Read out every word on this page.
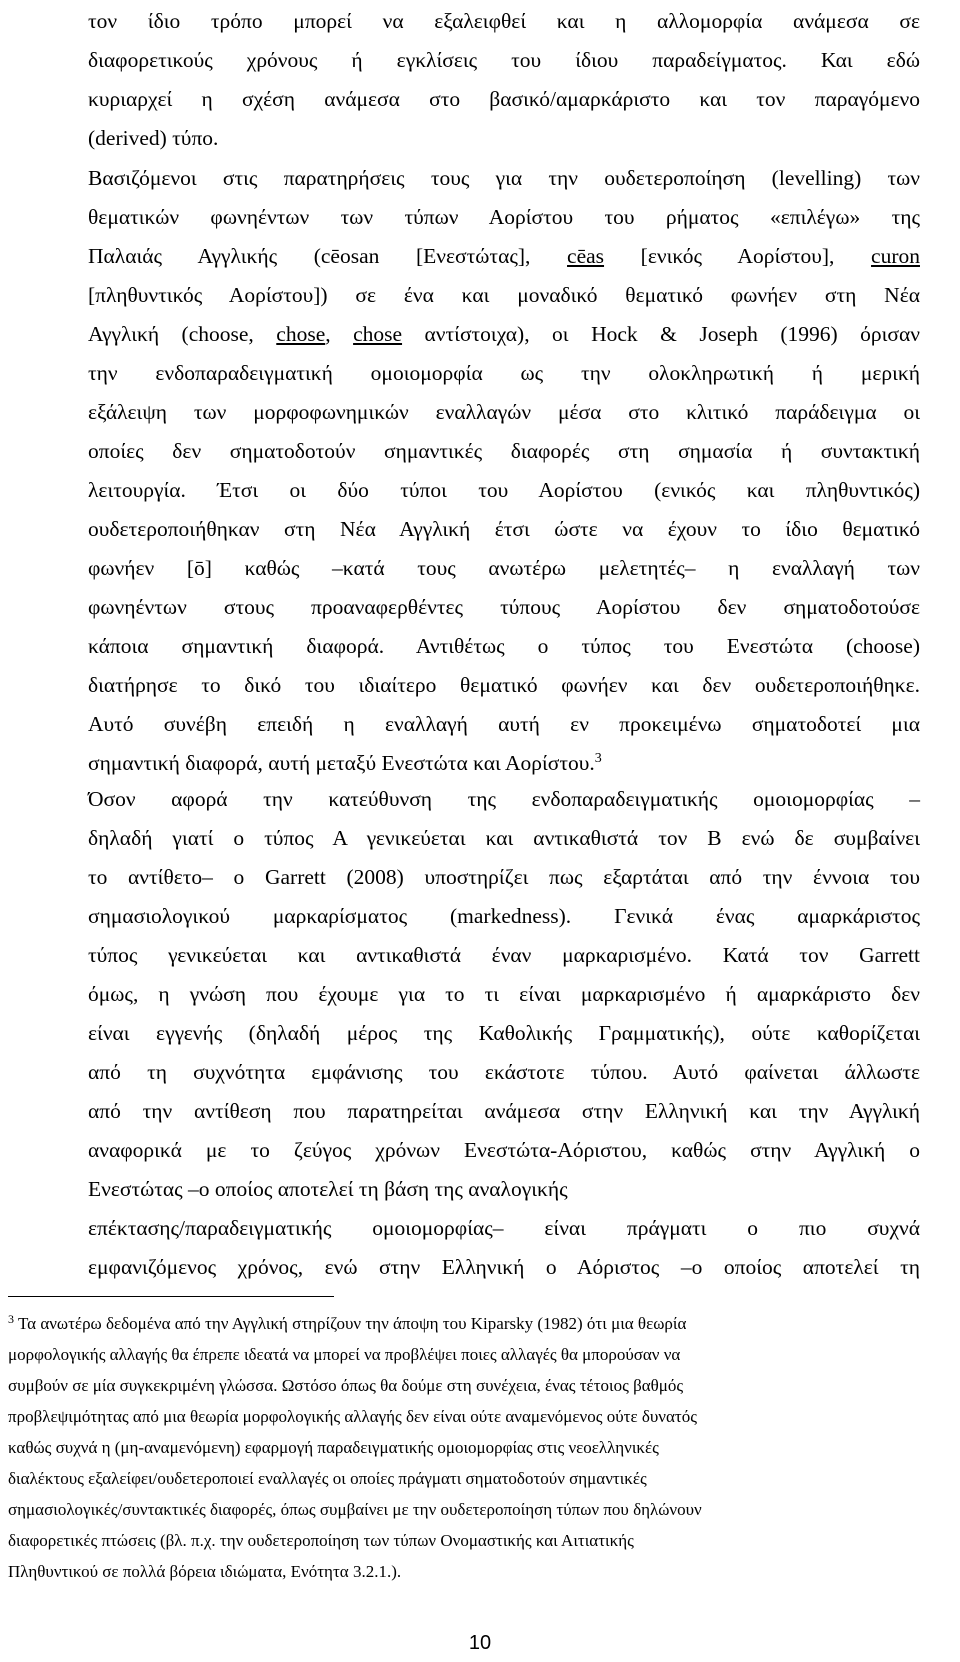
τον ίδιο τρόπο μπορεί να εξαλειφθεί και η αλλομορφία ανάμεσα σε
διαφορετικούς χρόνους ή εγκλίσεις του ίδιου παραδείγματος. Και εδώ
κυριαρχεί η σχέση ανάμεσα στο βασικό/αμαρκάριστο και τον παραγόμενο
(derived) τύπο.
Βασιζόμενοι στις παρατηρήσεις τους για την ουδετεροποίηση (levelling) των
θεματικών φωνηέντων των τύπων Αορίστου του ρήματος «επιλέγω» της
Παλαιάς Αγγλικής (cēosan [Ενεστώτας], cēas [ενικός Αορίστου], curon
[πληθυντικός Αορίστου]) σε ένα και μοναδικό θεματικό φωνήεν στη Νέα
Αγγλική (choose, chose, chose αντίστοιχα), οι Hock & Joseph (1996) όρισαν
την ενδοπαραδειγματική ομοιομορφία ως την ολοκληρωτική ή μερική
εξάλειψη των μορφοφωνημικών εναλλαγών μέσα στο κλιτικό παράδειγμα οι
οποίες δεν σηματοδοτούν σημαντικές διαφορές στη σημασία ή συντακτική
λειτουργία. Έτσι οι δύο τύποι του Αορίστου (ενικός και πληθυντικός)
ουδετεροποιήθηκαν στη Νέα Αγγλική έτσι ώστε να έχουν το ίδιο θεματικό
φωνήεν [ō] καθώς –κατά τους ανωτέρω μελετητές– η εναλλαγή των
φωνηέντων στους προαναφερθέντες τύπους Αορίστου δεν σηματοδοτούσε
κάποια σημαντική διαφορά. Αντιθέτως ο τύπος του Ενεστώτα (choose)
διατήρησε το δικό του ιδιαίτερο θεματικό φωνήεν και δεν ουδετεροποιήθηκε.
Αυτό συνέβη επειδή η εναλλαγή αυτή εν προκειμένω σηματοδοτεί μια
σημαντική διαφορά, αυτή μεταξύ Ενεστώτα και Αορίστου.$^3$
Όσον αφορά την κατεύθυνση της ενδοπαραδειγματικής ομοιομορφίας –
δηλαδή γιατί ο τύπος Α γενικεύεται και αντικαθιστά τον Β ενώ δε συμβαίνει
το αντίθετο– ο Garrett (2008) υποστηρίζει πως εξαρτάται από την έννοια του
σημασιολογικού μαρκαρίσματος (markedness). Γενικά ένας αμαρκάριστος
τύπος γενικεύεται και αντικαθιστά έναν μαρκαρισμένο. Κατά τον Garrett
όμως, η γνώση που έχουμε για το τι είναι μαρκαρισμένο ή αμαρκάριστο δεν
είναι εγγενής (δηλαδή μέρος της Καθολικής Γραμματικής), ούτε καθορίζεται
από τη συχνότητα εμφάνισης του εκάστοτε τύπου. Αυτό φαίνεται άλλωστε
από την αντίθεση που παρατηρείται ανάμεσα στην Ελληνική και την Αγγλική
αναφορικά με το ζεύγος χρόνων Ενεστώτα-Αόριστου, καθώς στην Αγγλική ο
Ενεστώτας –ο οποίος αποτελεί τη βάση της αναλογικής
επέκτασης/παραδειγματικής ομοιομορφίας– είναι πράγματι ο πιο συχνά
εμφανιζόμενος χρόνος, ενώ στην Ελληνική ο Αόριστος –ο οποίος αποτελεί τη
$^3$ Τα ανωτέρω δεδομένα από την Αγγλική στηρίζουν την άποψη του Kiparsky (1982) ότι μια θεωρία
μορφολογικής αλλαγής θα έπρεπε ιδεατά να μπορεί να προβλέψει ποιες αλλαγές θα μπορούσαν να
συμβούν σε μία συγκεκριμένη γλώσσα. Ωστόσο όπως θα δούμε στη συνέχεια, ένας τέτοιος βαθμός
προβλεψιμότητας από μια θεωρία μορφολογικής αλλαγής δεν είναι ούτε αναμενόμενος ούτε δυνατός
καθώς συχνά η (μη-αναμενόμενη) εφαρμογή παραδειγματικής ομοιομορφίας στις νεοελληνικές
διαλέκτους εξαλείφει/ουδετεροποιεί εναλλαγές οι οποίες πράγματι σηματοδοτούν σημαντικές
σημασιολογικές/συντακτικές διαφορές, όπως συμβαίνει με την ουδετεροποίηση τύπων που δηλώνουν
διαφορετικές πτώσεις (βλ. π.χ. την ουδετεροποίηση των τύπων Ονομαστικής και Αιτιατικής
Πληθυντικού σε πολλά βόρεια ιδιώματα, Ενότητα 3.2.1.).
10
